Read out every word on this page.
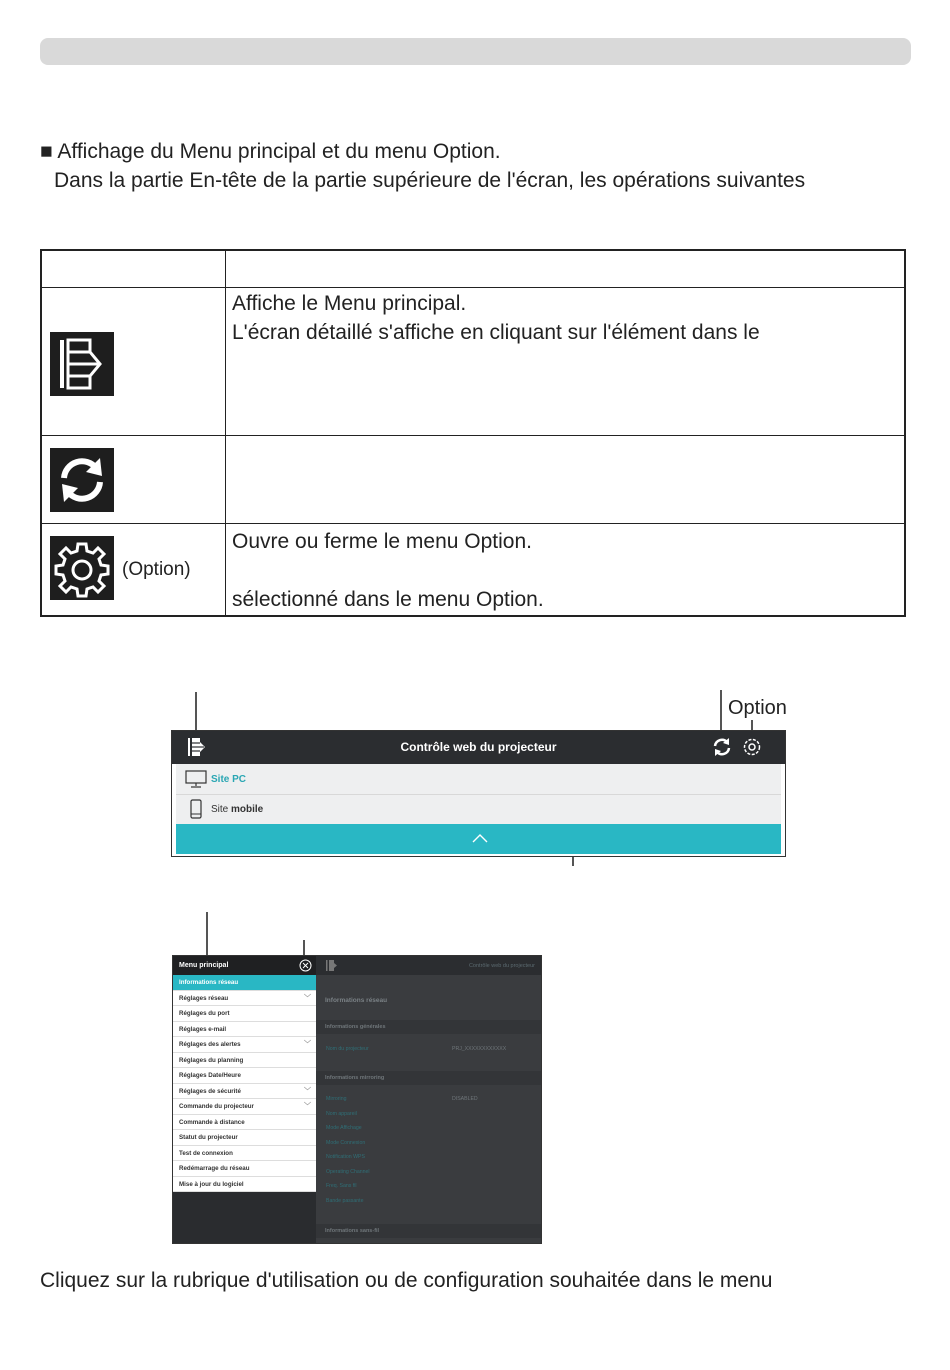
■ Affichage du Menu principal et du menu Option.
Dans la partie En-tête de la partie supérieure de l'écran, les opérations suivantes
Affiche le Menu principal.
L'écran détaillé s'affiche en cliquant sur l'élément dans le
(Option)
Ouvre ou ferme le menu Option.
sélectionné dans le menu Option.
Option
Contrôle web du projecteur
Site PC
Site mobile
Contrôle web du projecteur
Informations réseau
Informations générales
Nom du projecteur	PRJ_XXXXXXXXXXXX
Informations mirroring
Mirroring	DISABLED
Nom appareil
Mode Affichage
Mode Connexion
Notification WPS
Operating Channel
Freq. Sans fil
Bande passante
Informations sans-fil
Menu principal
Informations réseau
Réglages réseau	﹀
Réglages du port
Réglages e-mail
Réglages des alertes	﹀
Réglages du planning
Réglages Date/Heure
Réglages de sécurité	﹀
Commande du projecteur	﹀
Commande à distance
Statut du projecteur
Test de connexion
Redémarrage du réseau
Mise à jour du logiciel
Cliquez sur la rubrique d'utilisation ou de configuration souhaitée dans le menu
